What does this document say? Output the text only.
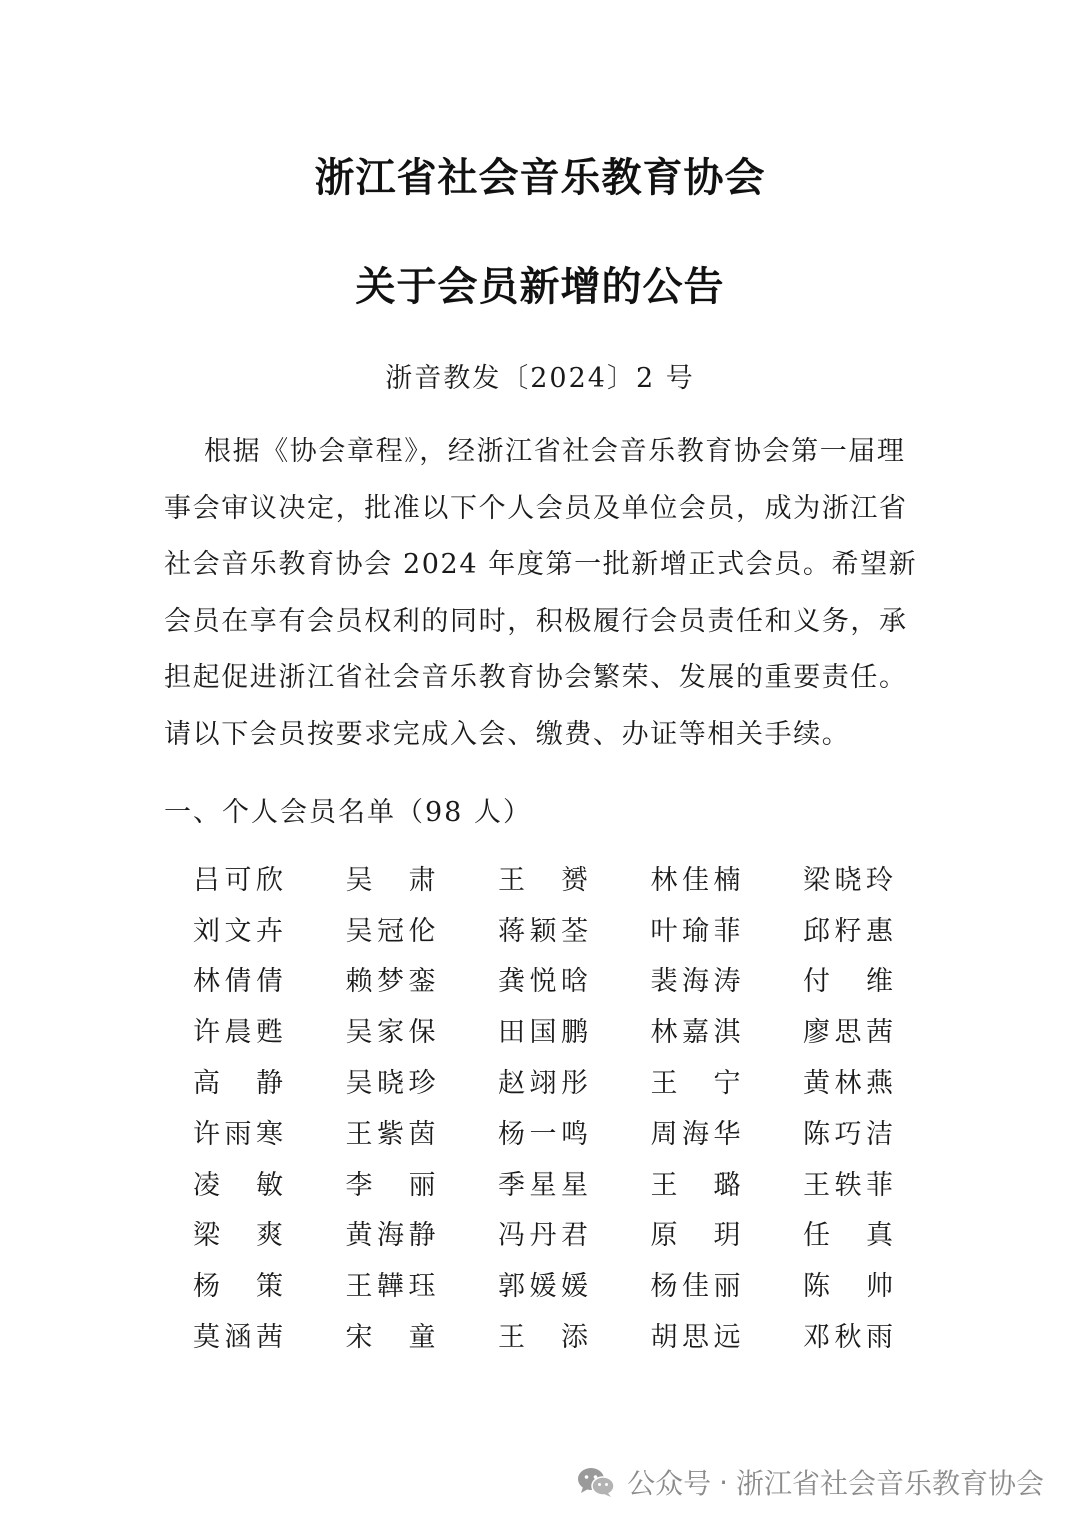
浙江省社会音乐教育协会
关于会员新增的公告
浙音教发〔2024〕2 号
根据《协会章程》，经浙江省社会音乐教育协会第一届理
事会审议决定，批准以下个人会员及单位会员，成为浙江省
社会音乐教育协会 2024 年度第一批新增正式会员。希望新
会员在享有会员权利的同时，积极履行会员责任和义务，承
担起促进浙江省社会音乐教育协会繁荣、发展的重要责任。
请以下会员按要求完成入会、缴费、办证等相关手续。
一、个人会员名单（98 人）
吕 可 欣 吴 肃 王 赟 林 佳 楠 梁 晓 玲
刘 文 卉 吴 冠 伦 蒋 颖 荃 叶 瑜 菲 邱 籽 惠
林 倩 倩 赖 梦 銮 龚 悦 晗 裴 海 涛 付 维
许 晨 甦 吴 家 保 田 国 鹏 林 嘉 淇 廖 思 茜
高 静 吴 晓 珍 赵 翊 彤 王 宁 黄 林 燕
许 雨 寒 王 紫 茵 杨 一 鸣 周 海 华 陈 巧 洁
凌 敏 李 丽 季 星 星 王 璐 王 轶 菲
梁 爽 黄 海 静 冯 丹 君 原 玥 任 真
杨 策 王 韡 珏 郭 媛 媛 杨 佳 丽 陈 帅
莫 涵 茜 宋 童 王 添 胡 思 远 邓 秋 雨
公众号 · 浙江省社会音乐教育协会
